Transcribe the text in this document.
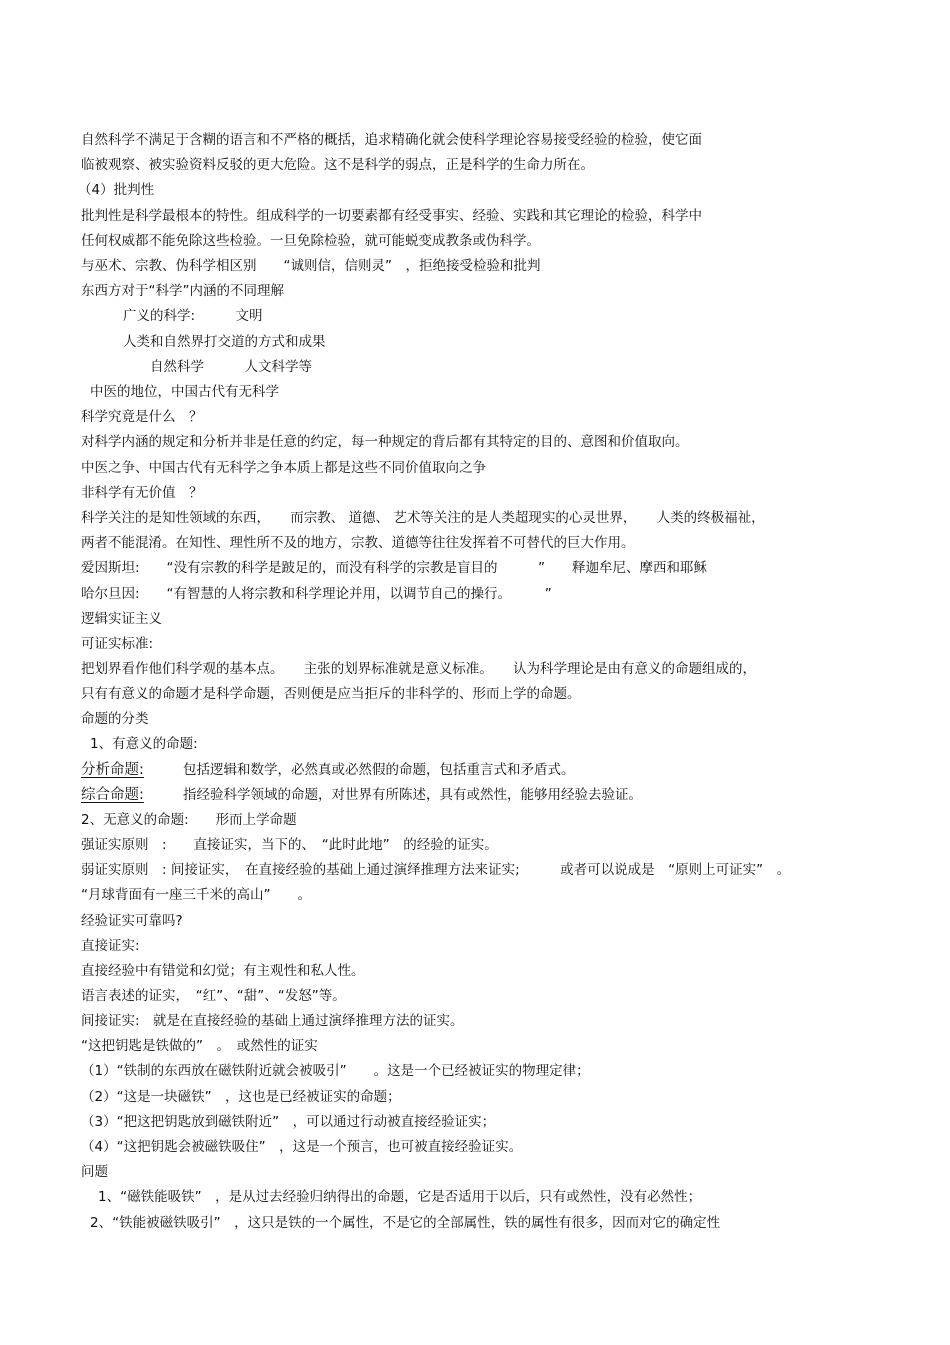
自然科学不满足于含糊的语言和不严格的概括，追求精确化就会使科学理论容易接受经验的检验，使它面
临被观察、被实验资料反驳的更大危险。这不是科学的弱点，正是科学的生命力所在。
（4）批判性
批判性是科学最根本的特性。组成科学的一切要素都有经受事实、经验、实践和其它理论的检验，科学中
任何权威都不能免除这些检验。一旦免除检验，就可能蜕变成教条或伪科学。
与巫术、宗教、伪科学相区别　　“诚则信，信则灵”　，拒绝接受检验和批判
东西方对于“科学”内涵的不同理解
广义的科学:　　　文明
人类和自然界打交道的方式和成果
自然科学　　　人文科学等
中医的地位，中国古代有无科学
科学究竟是什么　？
对科学内涵的规定和分析并非是任意的约定，每一种规定的背后都有其特定的目的、意图和价值取向。
中医之争、中国古代有无科学之争本质上都是这些不同价值取向之争
非科学有无价值　？
科学关注的是知性领域的东西，　　而宗教、 道德、 艺术等关注的是人类超现实的心灵世界，　　人类的终极福祉，
两者不能混淆。在知性、理性所不及的地方，宗教、道德等往往发挥着不可替代的巨大作用。
爱因斯坦:　　“没有宗教的科学是跛足的，而没有科学的宗教是盲目的　　　”　　释迦牟尼、摩西和耶稣
哈尔旦因:　　“有智慧的人将宗教和科学理论并用，以调节自己的操行。　　　”
逻辑实证主义
可证实标准:
把划界看作他们科学观的基本点。　　主张的划界标准就是意义标准。　　认为科学理论是由有意义的命题组成的，
只有有意义的命题才是科学命题，否则便是应当拒斥的非科学的、形而上学的命题。
命题的分类
1、有意义的命题:
分析命题:	包括逻辑和数学，必然真或必然假的命题，包括重言式和矛盾式。
综合命题:	指经验科学领域的命题，对世界有所陈述，具有或然性，能够用经验去验证。
2、无意义的命题:　　形而上学命题
强证实原则　:　　直接证实，当下的、　“此时此地”　的经验的证实。
弱证实原则　: 间接证实，　在直接经验的基础上通过演绎推理方法来证实;　　　或者可以说成是　“原则上可证实”　。
“月球背面有一座三千米的高山”　　。
经验证实可靠吗?
直接证实:
直接经验中有错觉和幻觉；有主观性和私人性。
语言表述的证实，　“红”、“甜”、“发怒”等。
间接证实:　就是在直接经验的基础上通过演绎推理方法的证实。
“这把钥匙是铁做的”　。　或然性的证实
（1）“铁制的东西放在磁铁附近就会被吸引”　　。这是一个已经被证实的物理定律；
（2）“这是一块磁铁”　，这也是已经被证实的命题；
（3）“把这把钥匙放到磁铁附近”　，可以通过行动被直接经验证实；
（4）“这把钥匙会被磁铁吸住”　，这是一个预言，也可被直接经验证实。
问题
1、“磁铁能吸铁”　，是从过去经验归纳得出的命题，它是否适用于以后，只有或然性，没有必然性；
2、“铁能被磁铁吸引”　，这只是铁的一个属性，不是它的全部属性，铁的属性有很多，因而对它的确定性
